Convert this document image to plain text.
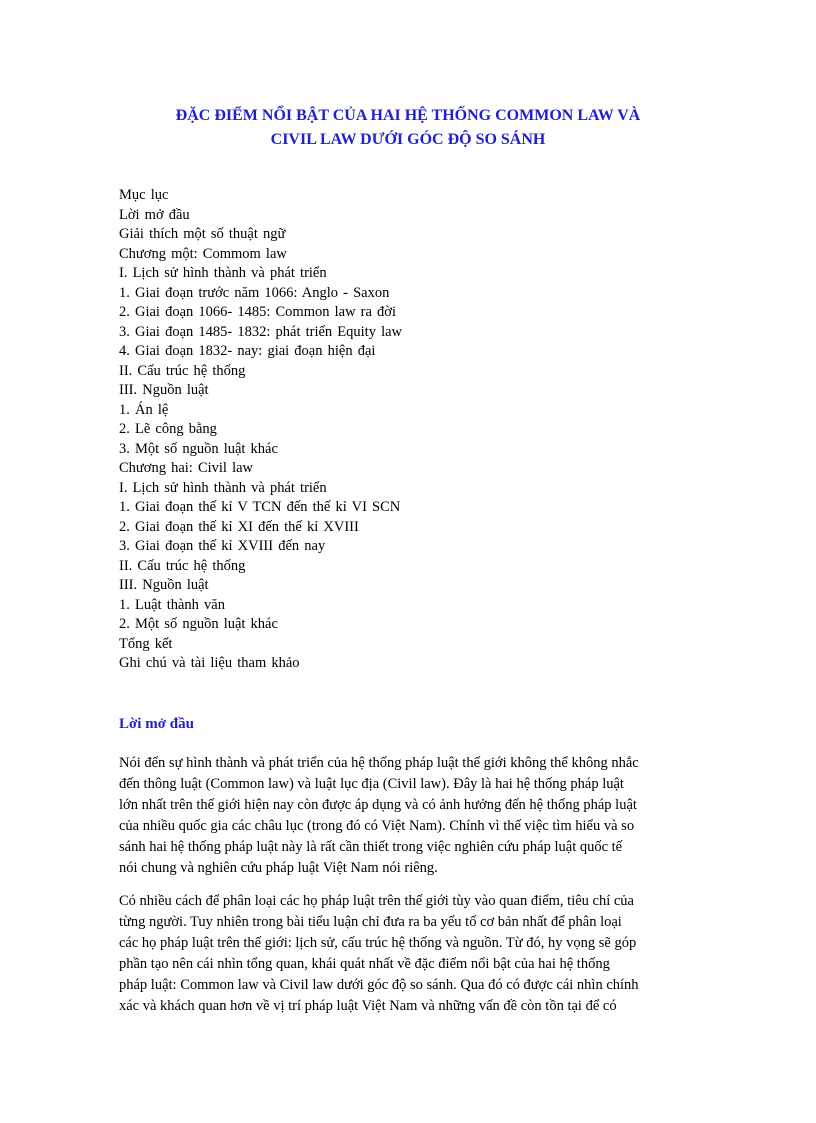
ĐẶC ĐIỂM NỔI BẬT CỦA HAI HỆ THỐNG COMMON LAW VÀ
CIVIL LAW DƯỚI GÓC ĐỘ SO SÁNH
Mục lục
Lời mở đầu
Giải thích một số thuật ngữ
Chương một: Commom law
I. Lịch sử hình thành và phát triển
1. Giai đoạn trước năm 1066: Anglo - Saxon
2. Giai đoạn 1066- 1485: Common law ra đời
3. Giai đoạn 1485- 1832: phát triển Equity law
4. Giai đoạn 1832- nay: giai đoạn hiện đại
II. Cấu trúc hệ thống
III. Nguồn luật
1. Án lệ
2. Lẽ công bằng
3. Một số nguồn luật khác
Chương hai: Civil law
I. Lịch sử hình thành và phát triển
1. Giai đoạn thế kỉ V TCN đến thế kỉ VI SCN
2. Giai đoạn thế kỉ XI đến thế kỉ XVIII
3. Giai đoạn thế kỉ XVIII đến nay
II. Cấu trúc hệ thống
III. Nguồn luật
1. Luật thành văn
2. Một số nguồn luật khác
Tổng kết
Ghi chú và tài liệu tham khảo
Lời mở đầu

Nói đến sự hình thành và phát triển của hệ thống pháp luật thế giới không thể không nhắc
đến thông luật (Common law) và luật lục địa (Civil law). Đây là hai hệ thống pháp luật
lớn nhất trên thế giới hiện nay còn được áp dụng và có ảnh hưởng đến hệ thống pháp luật
của nhiều quốc gia các châu lục (trong đó có Việt Nam). Chính vì thế việc tìm hiểu và so
sánh hai hệ thống pháp luật này là rất cần thiết trong việc nghiên cứu pháp luật quốc tế
nói chung và nghiên cứu pháp luật Việt Nam nói riêng.

Có nhiều cách để phân loại các họ pháp luật trên thế giới tùy vào quan điểm, tiêu chí của
từng người. Tuy nhiên trong bài tiểu luận chỉ đưa ra ba yếu tố cơ bản nhất để phân loại
các họ pháp luật trên thế giới: lịch sử, cấu trúc hệ thống và nguồn. Từ đó, hy vọng sẽ góp
phần tạo nên cái nhìn tổng quan, khái quát nhất về đặc điểm nổi bật của hai hệ thống
pháp luật: Common law và Civil law dưới góc độ so sánh. Qua đó có được cái nhìn chính
xác và khách quan hơn về vị trí pháp luật Việt Nam và những vấn đề còn tồn tại để có
